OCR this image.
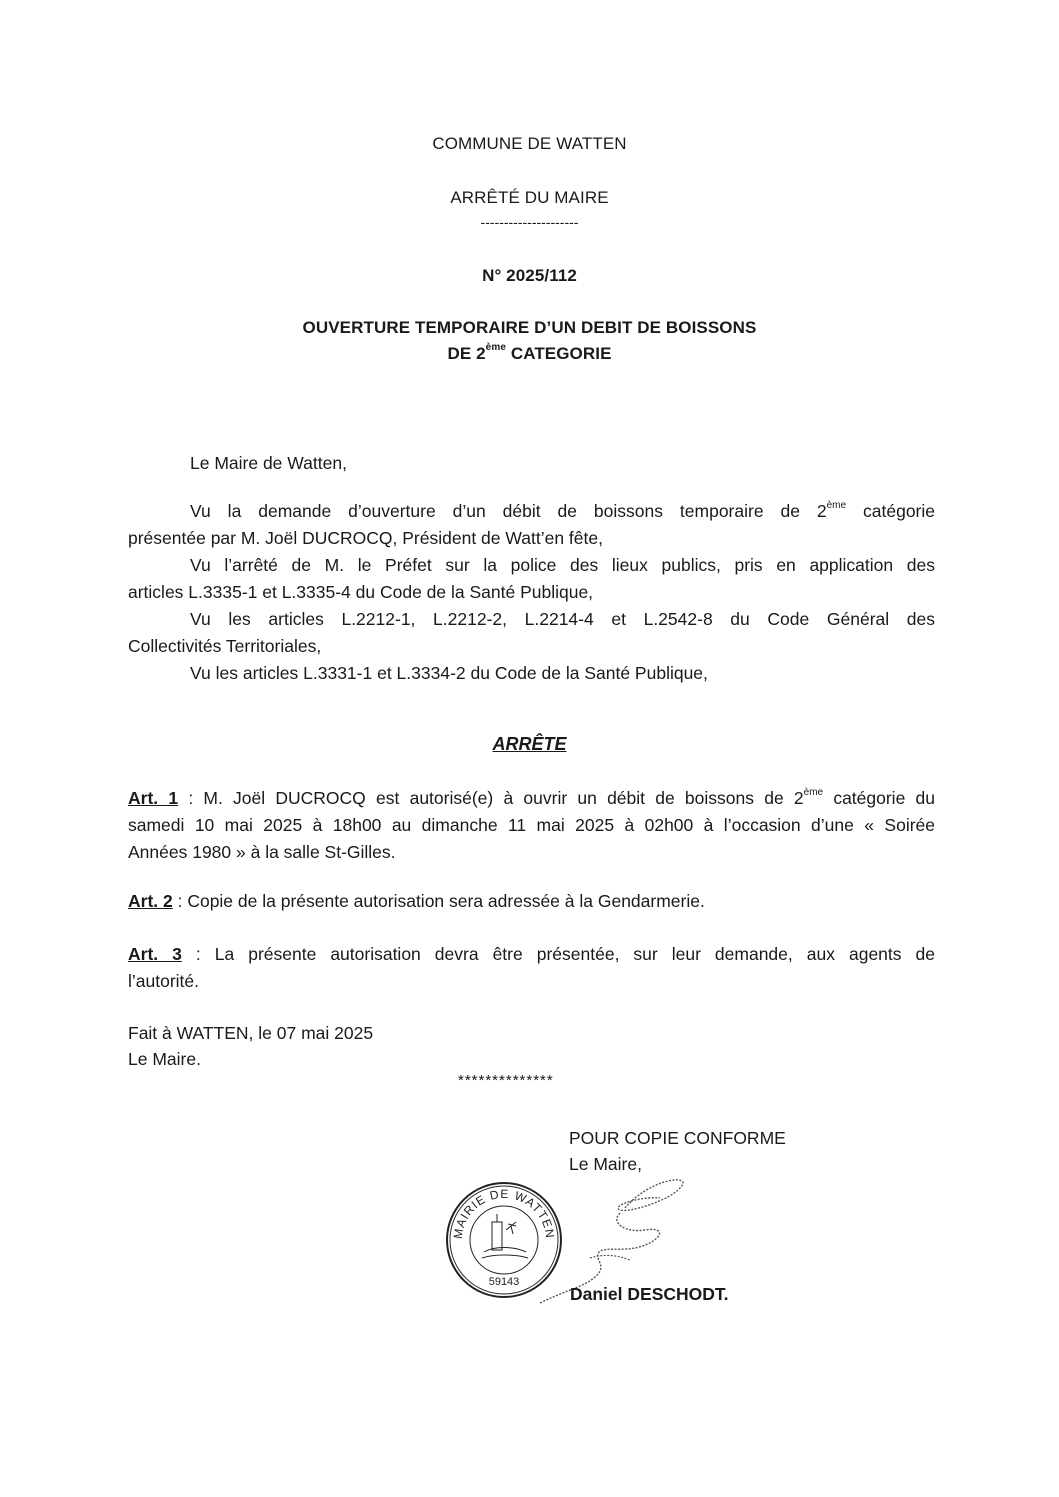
COMMUNE DE WATTEN
ARRÊTÉ DU MAIRE
---------------------
N° 2025/112
OUVERTURE TEMPORAIRE D’UN DEBIT DE BOISSONS
DE 2ème CATEGORIE
Le Maire de Watten,
Vu la demande d’ouverture d’un débit de boissons temporaire de 2ème catégorie
présentée par M. Joël DUCROCQ, Président de Watt’en fête,
Vu l’arrêté de M. le Préfet sur la police des lieux publics, pris en application des
articles L.3335-1 et L.3335-4 du Code de la Santé Publique,
Vu les articles L.2212-1, L.2212-2, L.2214-4 et L.2542-8 du Code Général des
Collectivités Territoriales,
Vu les articles L.3331-1 et L.3334-2 du Code de la Santé Publique,
ARRÊTE
Art. 1 : M. Joël DUCROCQ est autorisé(e) à ouvrir un débit de boissons de 2ème catégorie du
samedi 10 mai 2025 à 18h00 au dimanche 11 mai 2025 à 02h00 à l’occasion d’une « Soirée
Années 1980 » à la salle St-Gilles.
Art. 2 : Copie de la présente autorisation sera adressée à la Gendarmerie.
Art. 3 : La présente autorisation devra être présentée, sur leur demande, aux agents de
l’autorité.
Fait à WATTEN, le 07 mai 2025
Le Maire.
**************
POUR COPIE CONFORME
Le Maire,
MAIRIE DE WATTEN
59143
Daniel DESCHODT.
